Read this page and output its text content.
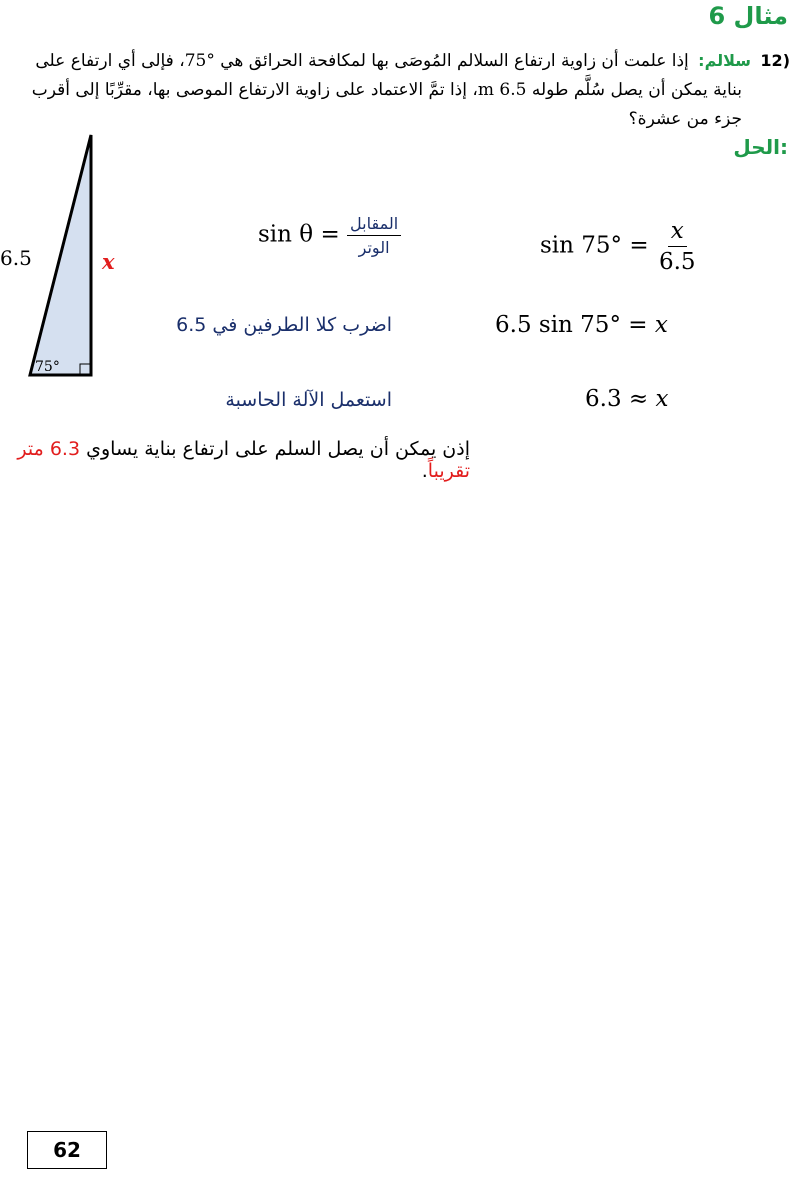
مثال 6
(12 سلالم: إذا علمت أن زاوية ارتفاع السلالم المُوصَى بها لمكافحة الحرائق هي °75، فإلى أي ارتفاع على
بناية يمكن أن يصل سُلَّم طوله 6.5 m، إذا تمَّ الاعتماد على زاوية الارتفاع الموصى بها، مقرِّبًا إلى أقرب
جزء من عشرة؟
الحل:
6.5	x
75°
$\sin \theta = \frac{\text{المقابل}}{\text{الوتر}}$	$\sin 75^\circ = \frac{x}{6.5}$
اضرب كلا الطرفين في 6.5	6.5 sin 75° = x
استعمل الآلة الحاسبة	6.3 ≈ x
إذن يمكن أن يصل السلم على ارتفاع بناية يساوي 6.3 متر تقريباً.
62
